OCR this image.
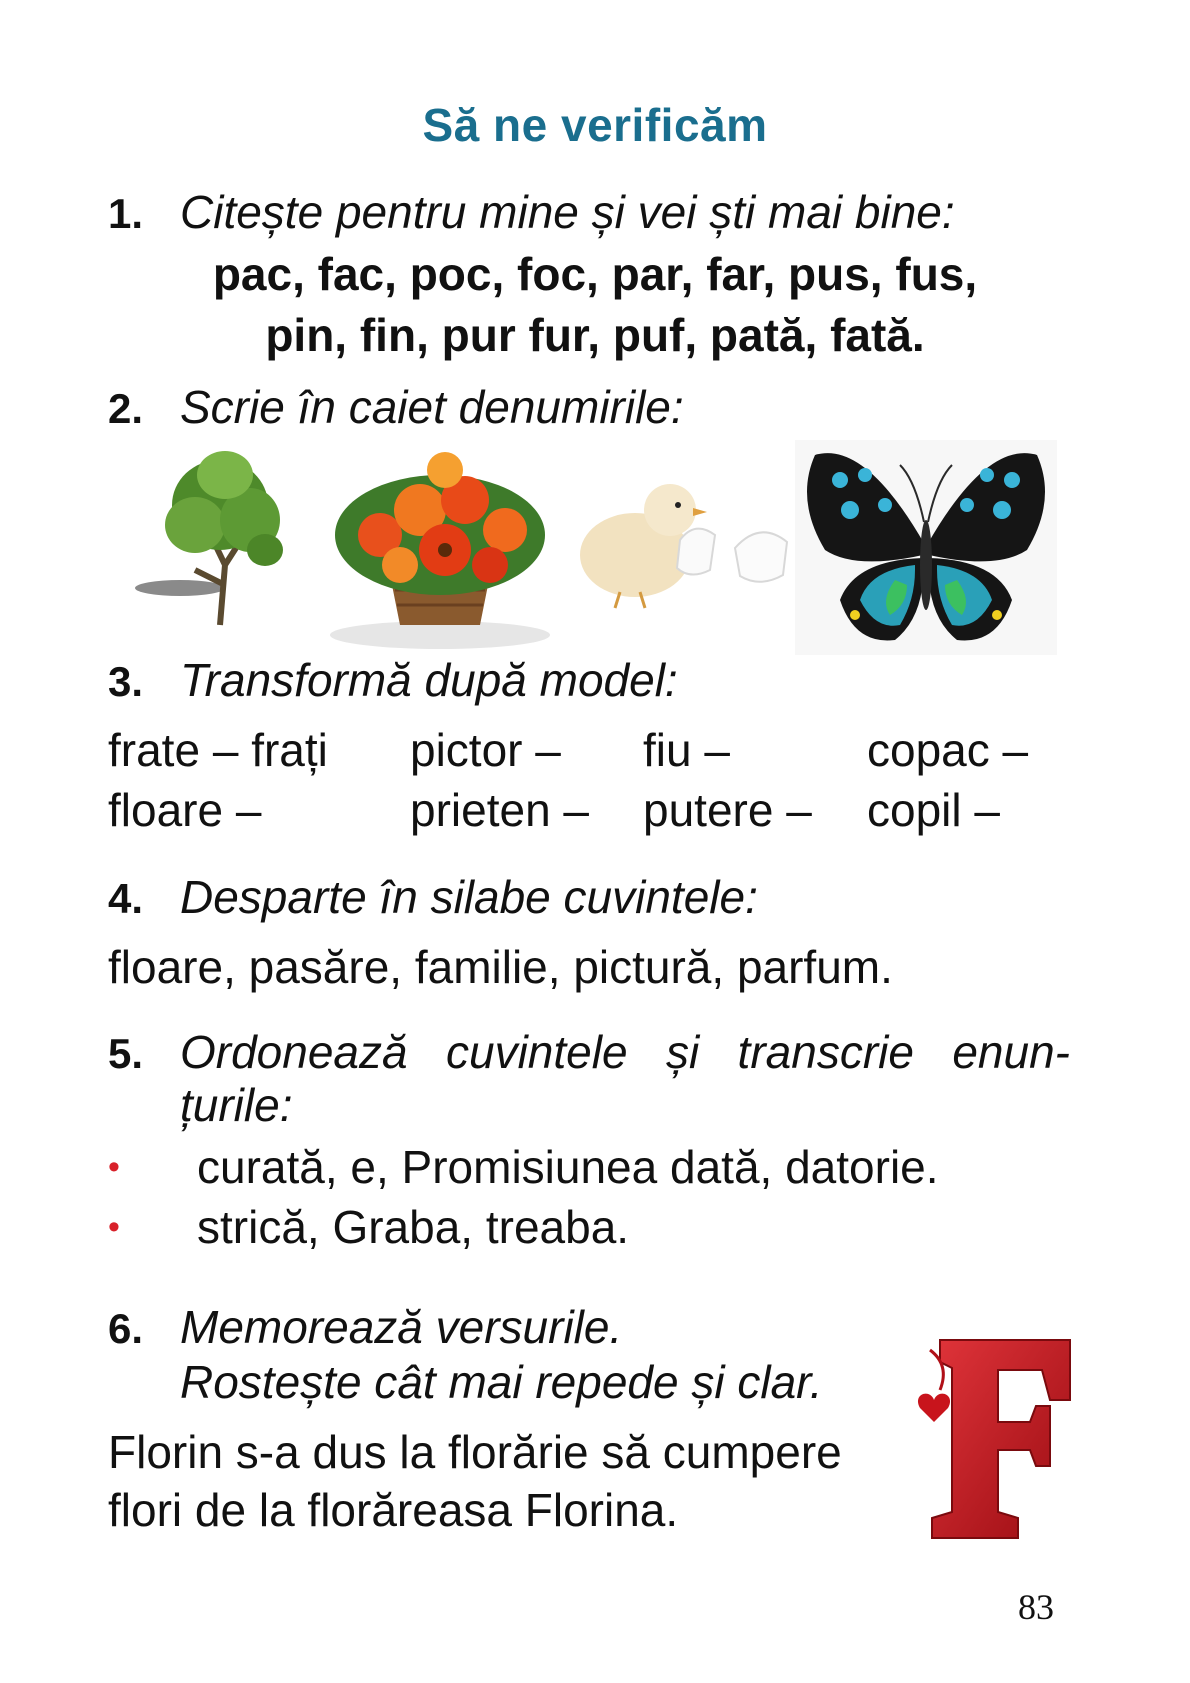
Să ne verificăm
1. Citește pentru mine și vei ști mai bine:
pac, fac, poc, foc, par, far, pus, fus,
pin, fin, pur fur, puf, pată, fată.
2. Scrie în caiet denumirile:
3. Transformă după model:
frate – frați pictor – fiu –	copac –
floare –	prieten – putere – copil –
4. Desparte în silabe cuvintele:
floare, pasăre, familie, pictură, parfum.
5. Ordonează cuvintele și transcrie enun-
țurile:
• curată, e, Promisiunea dată, datorie.
• strică, Graba, treaba.
6. Memorează versurile.
Rostește cât mai repede și clar.
Florin s-a dus la florărie să cumpere
flori de la florăreasa Florina.
83
